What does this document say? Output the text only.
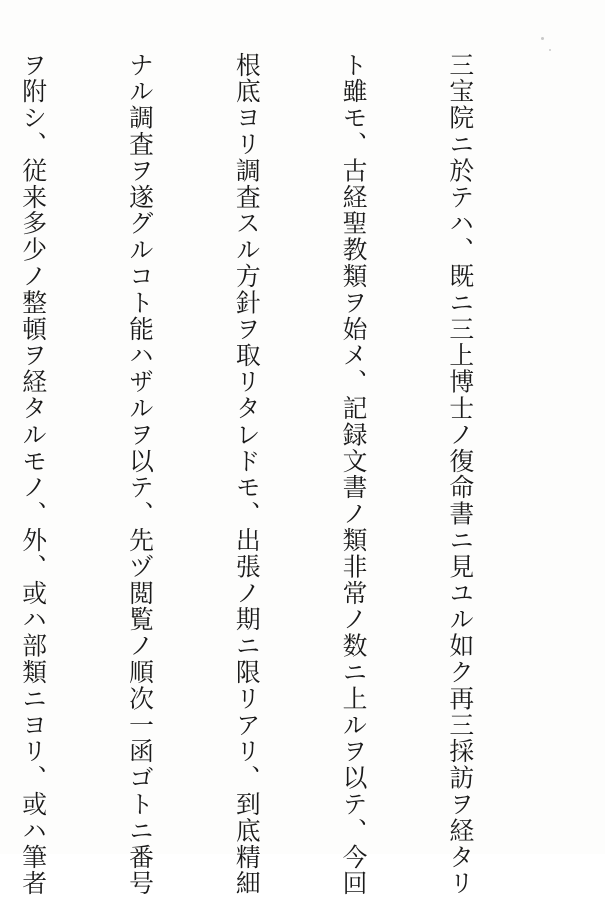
三宝院ニ於テハ、既ニ三上博士ノ復命書ニ見ユル如ク再三採訪ヲ経タリ

ト雖モ、古経聖教類ヲ始メ、記録文書ノ類非常ノ数ニ上ルヲ以テ、今回

根底ヨリ調査スル方針ヲ取リタレドモ、出張ノ期ニ限リアリ、到底精細

ナル調査ヲ遂グルコト能ハザルヲ以テ、先ヅ閲覧ノ順次一函ゴトニ番号

ヲ附シ、従来多少ノ整頓ヲ経タルモノ、外、或ハ部類ニヨリ、或ハ筆者
